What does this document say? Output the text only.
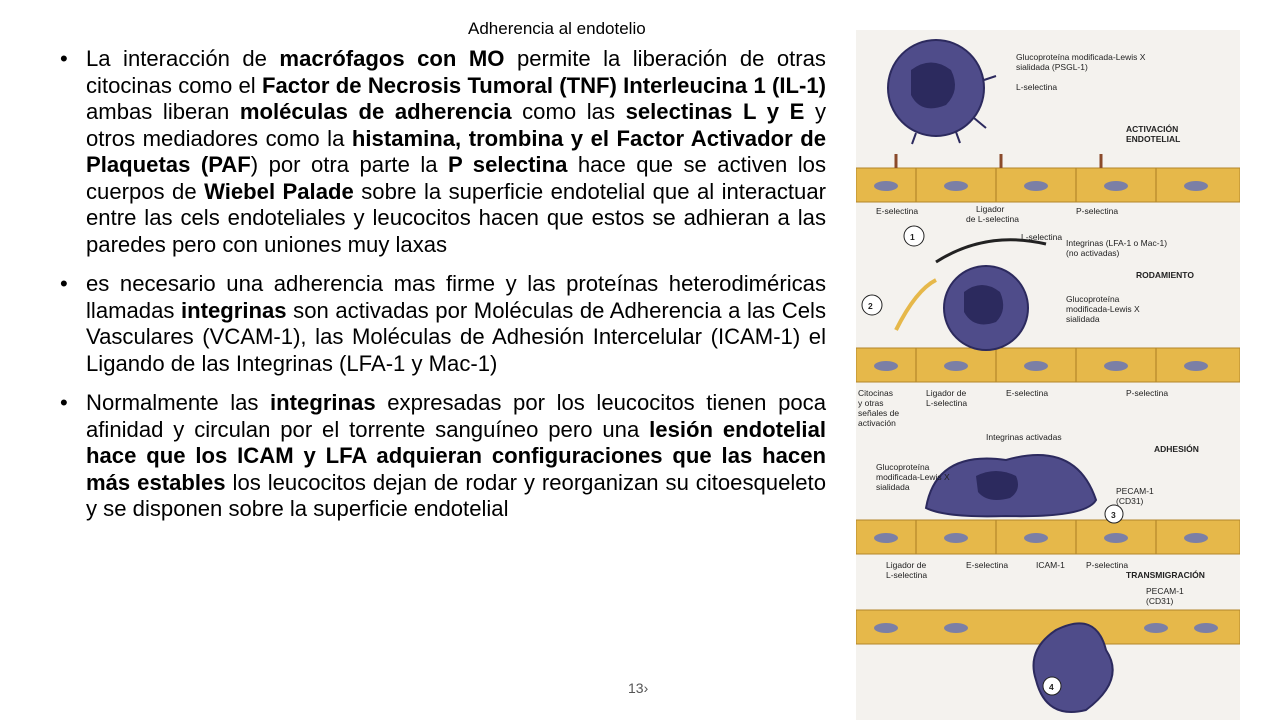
Adherencia al endotelio
• La interacción de macrófagos con MO permite la liberación de otras citocinas como el Factor de Necrosis Tumoral (TNF) Interleucina 1 (IL-1) ambas liberan moléculas de adherencia como las selectinas L y E y otros mediadores como la histamina, trombina y el Factor Activador de Plaquetas (PAF) por otra parte la P selectina hace que se activen los cuerpos de Wiebel Palade sobre la superficie endotelial que al interactuar entre las cels endoteliales y leucocitos hacen que estos se adhieran a las paredes pero con uniones muy laxas
• es necesario una adherencia mas firme y las proteínas heterodiméricas llamadas integrinas son activadas por Moléculas de Adherencia a las Cels Vasculares (VCAM-1), las Moléculas de Adhesión Intercelular (ICAM-1) el Ligando de las Integrinas (LFA-1 y Mac-1)
• Normalmente las integrinas expresadas por los leucocitos tienen poca afinidad y circulan por el torrente sanguíneo pero una lesión endotelial hace que los ICAM y LFA adquieran configuraciones que las hacen más estables los leucocitos dejan de rodar y reorganizan su citoesqueleto y se disponen sobre la superficie endotelial
13›
Glucoproteína modificada-Lewis X
sialidada (PSGL-1)
L-selectina
ACTIVACIÓN
ENDOTELIAL
E-selectina	Ligador
de L-selectina
P-selectina
1
2
L-selectina
Integrinas (LFA-1 o Mac-1)
(no activadas)
RODAMIENTO
Glucoproteína
modificada-Lewis X
sialidada
Citocinas
y otras
señales de
activación
Ligador de
L-selectina
E-selectina	P-selectina
Integrinas activadas
ADHESIÓN
Glucoproteína
modificada-Lewis X
sialidada	PECAM-1
(CD31)
3
Ligador de
L-selectina
E-selectina	ICAM-1 P-selectina
TRANSMIGRACIÓN
PECAM-1
(CD31)
4
